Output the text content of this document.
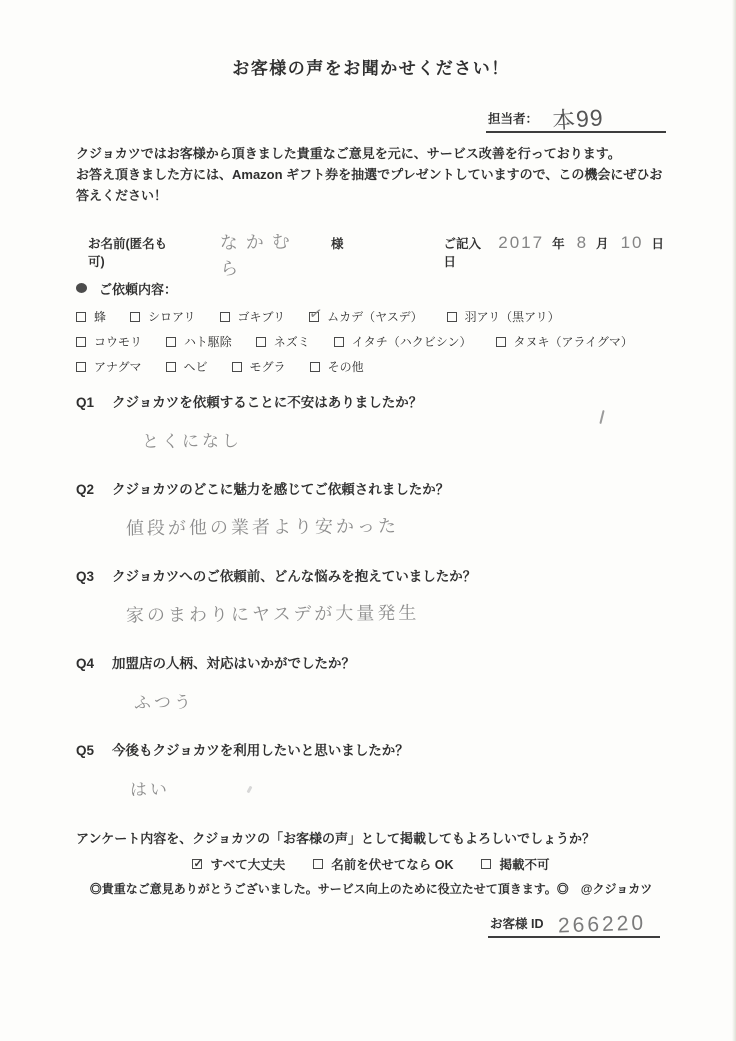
お客様の声をお聞かせください！
担当者： 本99
クジョカツではお客様から頂きました貴重なご意見を元に、サービス改善を行っております。
お答え頂きました方には、Amazon ギフト券を抽選でプレゼントしていますので、この機会にぜひお
答えください！
お名前(匿名も可)
なかむら
様	ご記入日
2017 年 8 月 10 日
ご依頼内容：
蜂	シロアリ	ゴキブリ ✓	ムカデ（ヤスデ）	羽アリ（黒アリ）
コウモリ	ハト駆除	ネズミ	イタチ（ハクビシン）	タヌキ（アライグマ）
アナグマ	ヘビ	モグラ	その他
Q1	クジョカツを依頼することに不安はありましたか？
とくになし
Q2	クジョカツのどこに魅力を感じてご依頼されましたか？
値段が他の業者より安かった
Q3	クジョカツへのご依頼前、どんな悩みを抱えていましたか？
家のまわりにヤスデが大量発生
Q4	加盟店の人柄、対応はいかがでしたか？
ふつう
Q5	今後もクジョカツを利用したいと思いましたか？
はい
アンケート内容を、クジョカツの「お客様の声」として掲載してもよろしいでしょうか？
✓
すべて大丈夫	名前を伏せてなら OK	掲載不可
◎貴重なご意見ありがとうございました。サービス向上のために役立たせて頂きます。◎　@クジョカツ
お客様 ID 266220
